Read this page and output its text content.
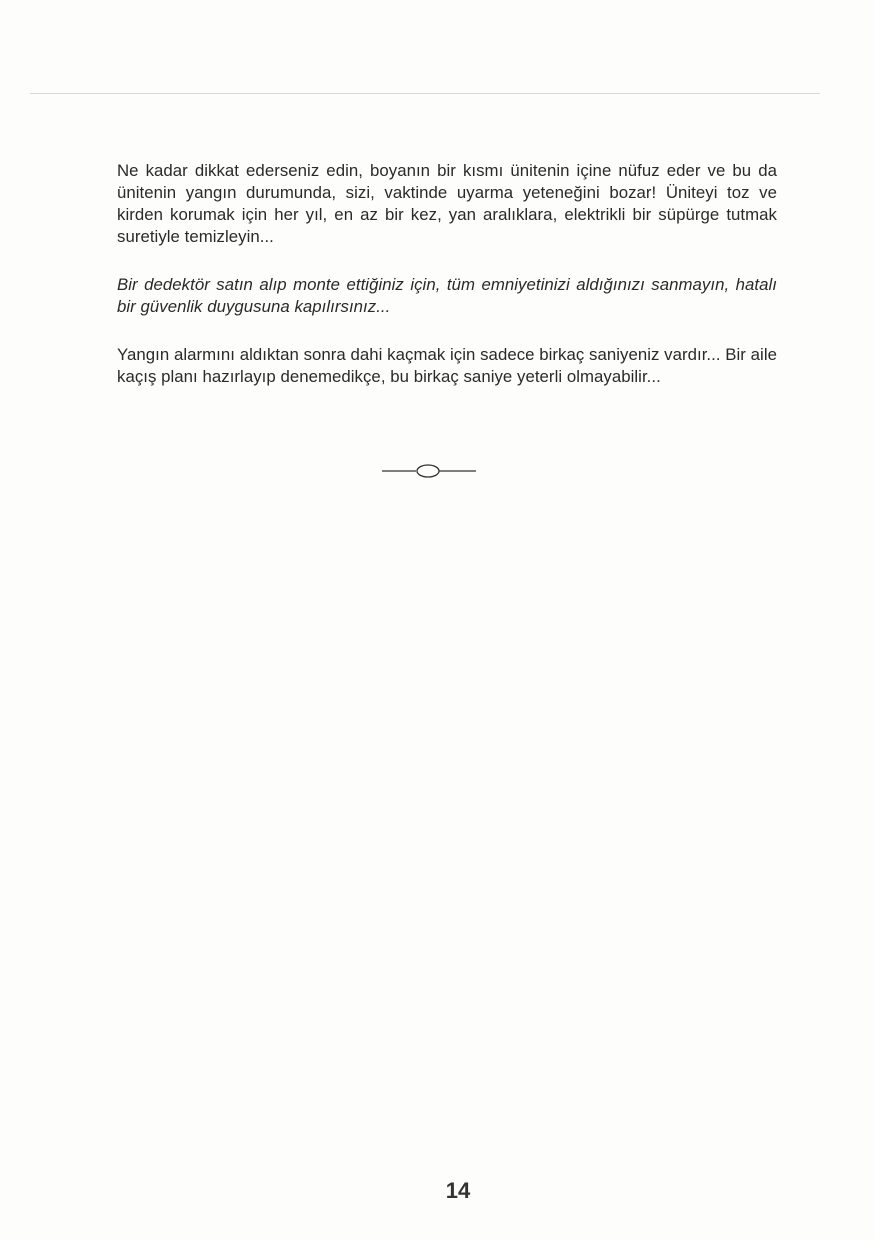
Ne kadar dikkat ederseniz edin, boyanın bir kısmı ünitenin içine nüfuz eder ve bu da ünitenin yangın durumunda, sizi, vaktinde uyarma yeteneğini bozar! Üniteyi toz ve kirden korumak için her yıl, en az bir kez, yan aralıklara, elektrikli bir süpürge tutmak suretiyle temizleyin...

Bir dedektör satın alıp monte ettiğiniz için, tüm emniyetinizi aldığınızı sanmayın, hatalı bir güvenlik duygusuna kapılırsınız...

Yangın alarmını aldıktan sonra dahi kaçmak için sadece birkaç saniyeniz vardır... Bir aile kaçış planı hazırlayıp denemedikçe, bu birkaç saniye yeterli olmayabilir...

14
